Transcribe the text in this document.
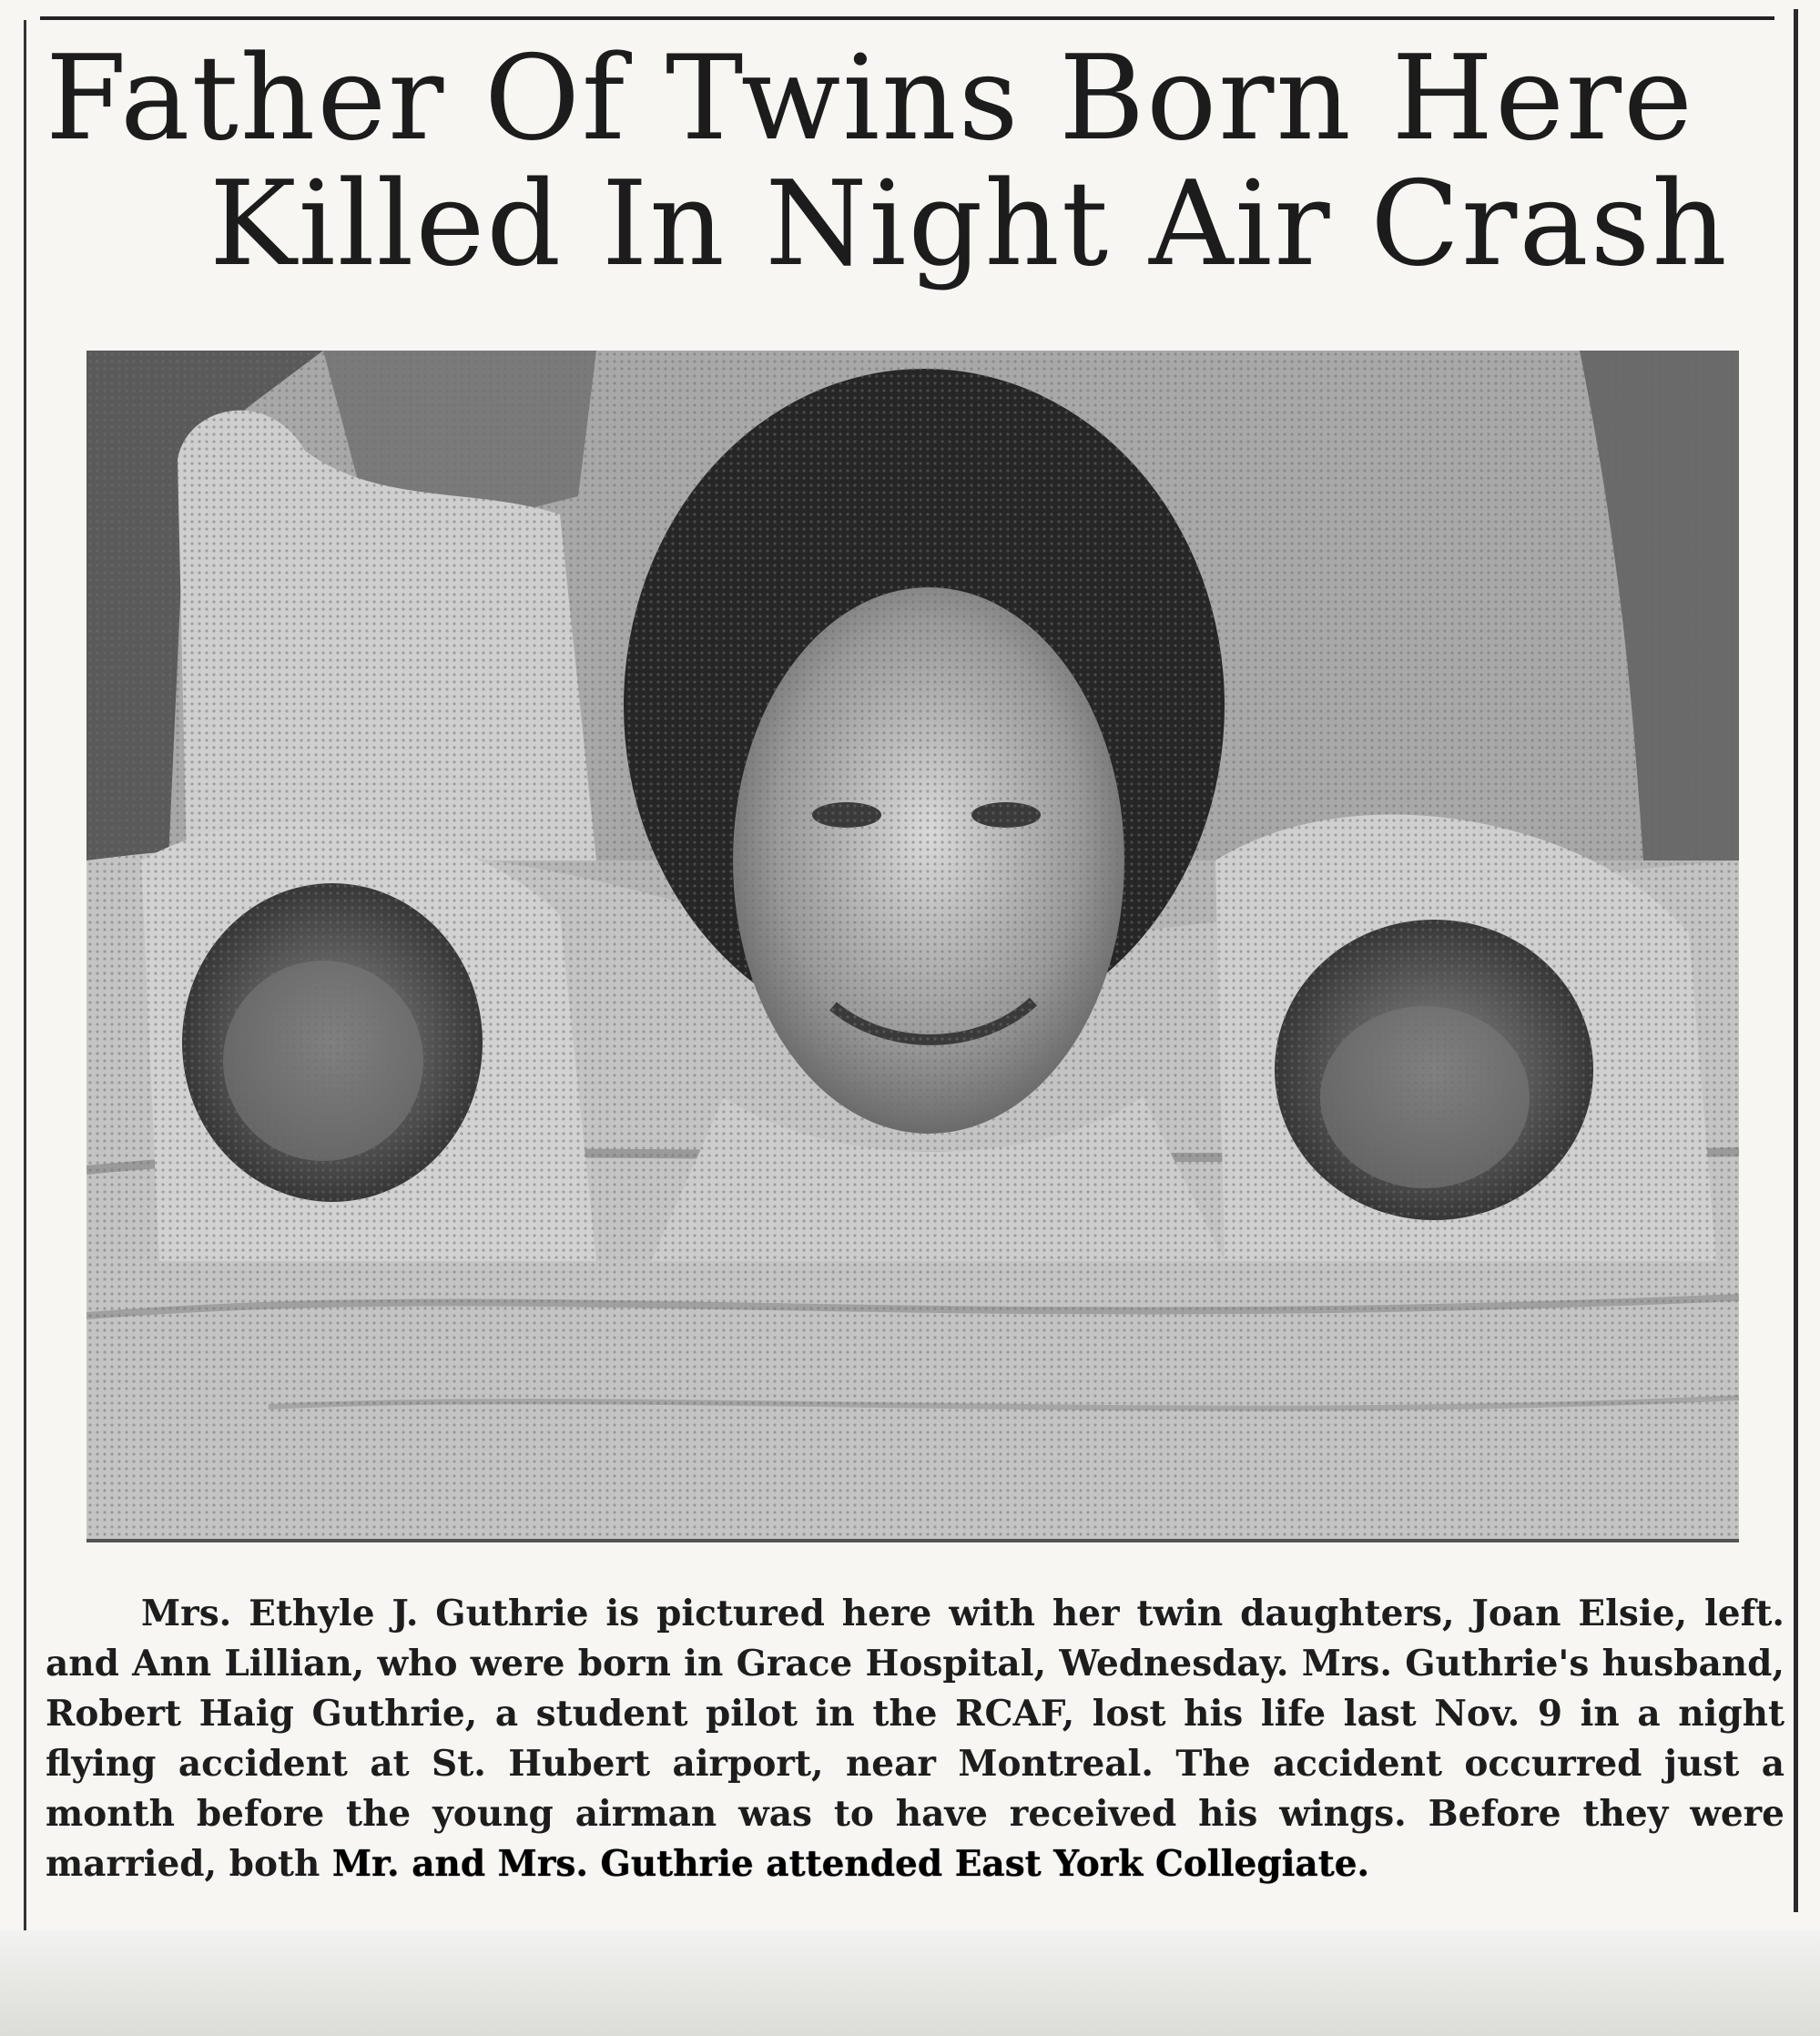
Father Of Twins Born Here
Killed In Night Air Crash

Mrs. Ethyle J. Guthrie is pictured here with her twin daughters, Joan Elsie, left. and Ann Lillian, who were born in Grace Hospital, Wednesday. Mrs. Guthrie's husband, Robert Haig Guthrie, a student pilot in the RCAF, lost his life last Nov. 9 in a night flying accident at St. Hubert airport, near Montreal. The accident occurred just a month before the young airman was to have received his wings. Before they were married, both Mr. and Mrs. Guthrie attended East York Collegiate.
